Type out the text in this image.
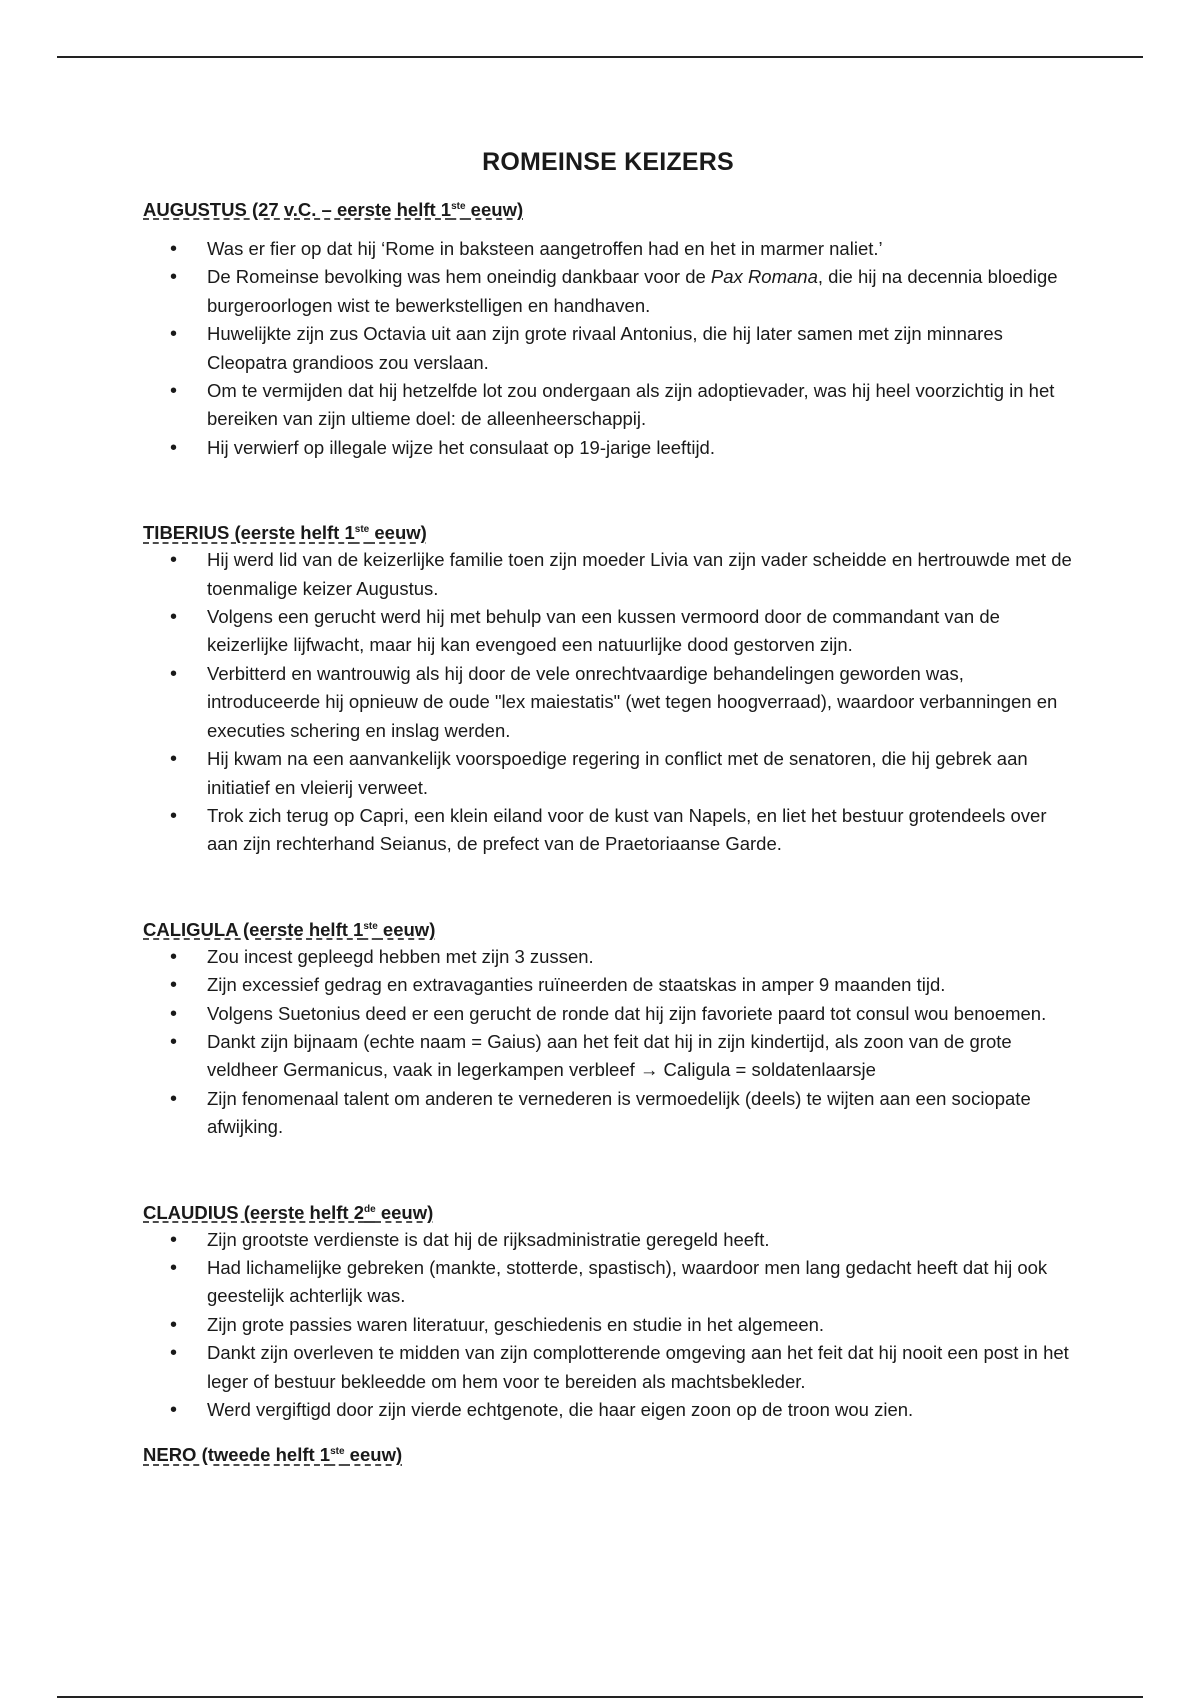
ROMEINSE KEIZERS
AUGUSTUS (27 v.C. – eerste helft 1ste eeuw)
• Was er fier op dat hij ‘Rome in baksteen aangetroffen had en het in marmer naliet.’
• De Romeinse bevolking was hem oneindig dankbaar voor de Pax Romana, die hij na decennia bloedige burgeroorlogen wist te bewerkstelligen en handhaven.
• Huwelijkte zijn zus Octavia uit aan zijn grote rivaal Antonius, die hij later samen met zijn minnares Cleopatra grandioos zou verslaan.
• Om te vermijden dat hij hetzelfde lot zou ondergaan als zijn adoptievader, was hij heel voorzichtig in het bereiken van zijn ultieme doel: de alleenheerschappij.
• Hij verwierf op illegale wijze het consulaat op 19-jarige leeftijd.
TIBERIUS (eerste helft 1ste eeuw)
• Hij werd lid van de keizerlijke familie toen zijn moeder Livia van zijn vader scheidde en hertrouwde met de toenmalige keizer Augustus.
• Volgens een gerucht werd hij met behulp van een kussen vermoord door de commandant van de keizerlijke lijfwacht, maar hij kan evengoed een natuurlijke dood gestorven zijn.
• Verbitterd en wantrouwig als hij door de vele onrechtvaardige behandelingen geworden was, introduceerde hij opnieuw de oude "lex maiestatis" (wet tegen hoogverraad), waardoor verbanningen en executies schering en inslag werden.
• Hij kwam na een aanvankelijk voorspoedige regering in conflict met de senatoren, die hij gebrek aan initiatief en vleierij verweet.
• Trok zich terug op Capri, een klein eiland voor de kust van Napels, en liet het bestuur grotendeels over aan zijn rechterhand Seianus, de prefect van de Praetoriaanse Garde.
CALIGULA (eerste helft 1ste eeuw)
• Zou incest gepleegd hebben met zijn 3 zussen.
• Zijn excessief gedrag en extravaganties ruïneerden de staatskas in amper 9 maanden tijd.
• Volgens Suetonius deed er een gerucht de ronde dat hij zijn favoriete paard tot consul wou benoemen.
• Dankt zijn bijnaam (echte naam = Gaius) aan het feit dat hij in zijn kindertijd, als zoon van de grote veldheer Germanicus, vaak in legerkampen verbleef → Caligula = soldatenlaarsje
• Zijn fenomenaal talent om anderen te vernederen is vermoedelijk (deels) te wijten aan een sociopate afwijking.
CLAUDIUS (eerste helft 2de eeuw)
• Zijn grootste verdienste is dat hij de rijksadministratie geregeld heeft.
• Had lichamelijke gebreken (mankte, stotterde, spastisch), waardoor men lang gedacht heeft dat hij ook geestelijk achterlijk was.
• Zijn grote passies waren literatuur, geschiedenis en studie in het algemeen.
• Dankt zijn overleven te midden van zijn complotterende omgeving aan het feit dat hij nooit een post in het leger of bestuur bekleedde om hem voor te bereiden als machtsbekleder.
• Werd vergiftigd door zijn vierde echtgenote, die haar eigen zoon op de troon wou zien.
NERO (tweede helft 1ste eeuw)
